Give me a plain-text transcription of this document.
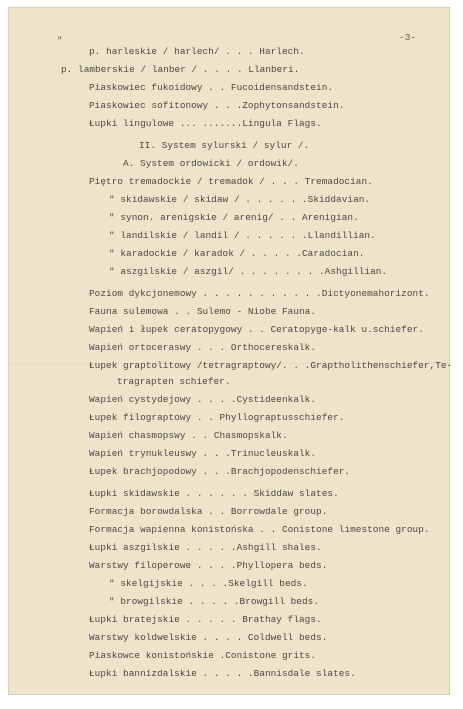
-3-
"
p. harleskie / harlech/ . . . Harlech.
p. lamberskie / lanber / . . . . Llanberi.
Piaskowiec fukoidowy . . Fucoidensandstein.
Piaskowiec sofitonowy . . .Zophytonsandstein.
Łupki lingulowe ... .......Lingula Flags.
II. System sylurski / sylur /.
A. System ordowicki / ordowik/.
Piętro tremadockie / tremadok / . . . Tremadocian.
" skidawskie / skidaw / . . . . . .Skiddavian.
" synon. arenigskie / arenig/ . . Arenigian.
" landilskie / landil / . . . . . .Llandillian.
" karadockie / karadok / . . . . .Caradocian.
" aszgilskie / aszgil/ . . . . . . . .Ashgillian.
Poziom dykcjonemowy . . . . . . . . . . .Dictyonemahorizont.
Fauna sulemowa . . Sulemo - Niobe Fauna.
Wapień i łupek ceratopygowy . . Ceratopyge-kalk u.schiefer.
Wapień ortoceraswy . . . Orthocereskalk.
Łupek graptolitowy /tetragraptowy/. . .Graptholithenschiefer,Te-
tragrapten schiefer.
Wapień cystydejowy . . . .Cystideenkalk.
Łupek filograptowy . . Phyllograptusschiefer.
Wapień chasmopswy . . Chasmopskalk.
Wapień trynukleuswy . . .Trinucleuskalk.
Łupek brachjopodowy . . .Brachjopodenschiefer.
Łupki skidawskie . . . . . . Skiddaw slates.
Formacja borowdalska . . Borrowdale group.
Formacja wapienna konistońska . . Conistone limestone group.
Łupki aszgilskie . . . . .Ashgill shales.
Warstwy filoperowe . . . .Phyllopera beds.
" skelgijskie . . . .Skelgill beds.
" browgilskie . . . . .Browgill beds.
Łupki bratejskie . . . . . Brathay flags.
Warstwy koldwelskie . . . . Coldwell beds.
Piaskowce konistońskie .Conistone grits.
Łupki bannizdalskie . . . . .Bannisdale slates.
